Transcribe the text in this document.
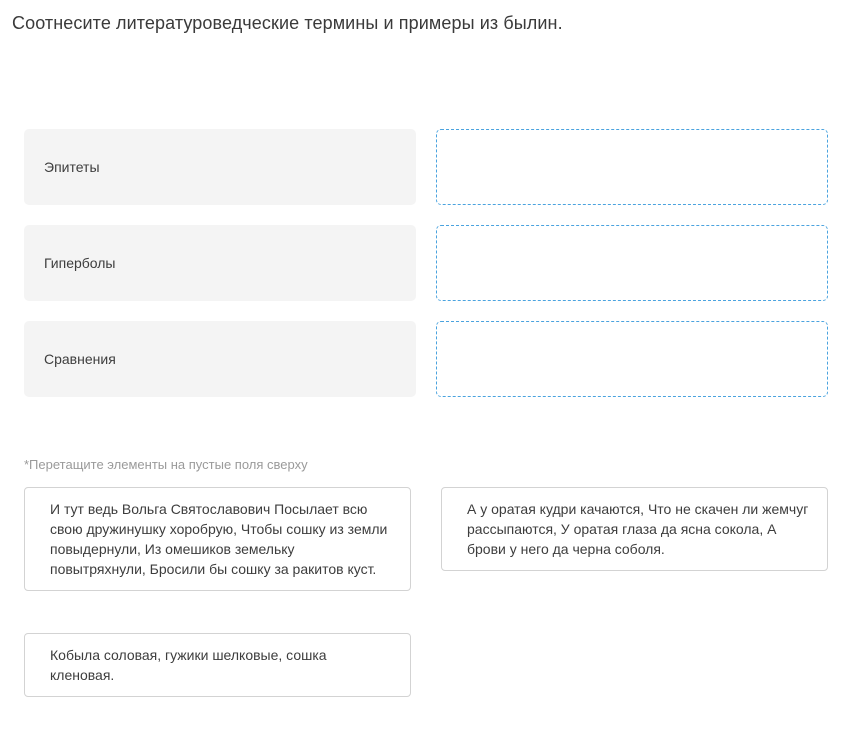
Соотнесите литературоведческие термины и примеры из былин.
Эпитеты
Гиперболы
Сравнения
*Перетащите элементы на пустые поля сверху
И тут ведь Вольга Святославович Посылает всю свою дружинушку хоробрую, Чтобы сошку из земли повыдернули, Из омешиков земельку повытряхнули, Бросили бы сошку за ракитов куст.
А у оратая кудри качаются, Что не скачен ли жемчуг рассыпаются, У оратая глаза да ясна сокола, А брови у него да черна соболя.
Кобыла соловая, гужики шелковые, сошка кленовая.
